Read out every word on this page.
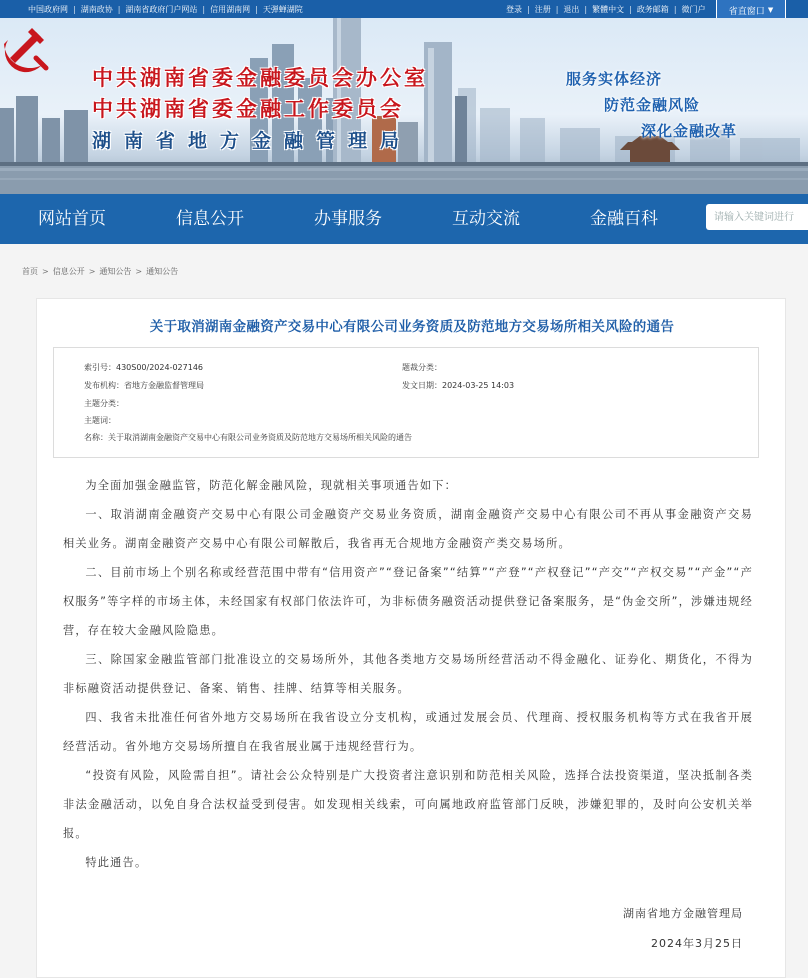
中国政府网 | 湖南政协 | 湖南省政府门户网站 | 信用湖南网 | 天弹蝉湖院	登录 | 注册 | 退出 | 繁體中文 | 政务邮箱 | 微门户	省直窗口 ▼
中共湖南省委金融委员会办公室
中共湖南省委金融工作委员会
湖南省地方金融管理局
服务实体经济
防范金融风险
深化金融改革
网站首页	信息公开	办事服务	互动交流	金融百科
请输入关键词进行
首页 > 信息公开 > 通知公告 > 通知公告
关于取消湖南金融资产交易中心有限公司业务资质及防范地方交易场所相关风险的通告
索引号：430S00/2024-027146	题裁分类：
发布机构：省地方金融监督管理局	发文日期：2024-03-25 14:03
主题分类：
主题词：
名称：关于取消湖南金融资产交易中心有限公司业务资质及防范地方交易场所相关风险的通告

为全面加强金融监管，防范化解金融风险，现就相关事项通告如下：

一、取消湖南金融资产交易中心有限公司金融资产交易业务资质，湖南金融资产交易中心有限公司不再从事金融资产交易相关业务。湖南金融资产交易中心有限公司解散后，我省再无合规地方金融资产类交易场所。

二、目前市场上个别名称或经营范围中带有“信用资产”“登记备案”“结算”“产登”“产权登记”“产交”“产权交易”“产金”“产权服务”等字样的市场主体，未经国家有权部门依法许可，为非标债务融资活动提供登记备案服务，是“伪金交所”，涉嫌违规经营，存在较大金融风险隐患。

三、除国家金融监管部门批准设立的交易场所外，其他各类地方交易场所经营活动不得金融化、证券化、期货化，不得为非标融资活动提供登记、备案、销售、挂牌、结算等相关服务。

四、我省未批准任何省外地方交易场所在我省设立分支机构，或通过发展会员、代理商、授权服务机构等方式在我省开展经营活动。省外地方交易场所擅自在我省展业属于违规经营行为。

“投资有风险，风险需自担”。请社会公众特别是广大投资者注意识别和防范相关风险，选择合法投资渠道，坚决抵制各类非法金融活动，以免自身合法权益受到侵害。如发现相关线索，可向属地政府监管部门反映，涉嫌犯罪的，及时向公安机关举报。

特此通告。

湖南省地方金融管理局
2024年3月25日
